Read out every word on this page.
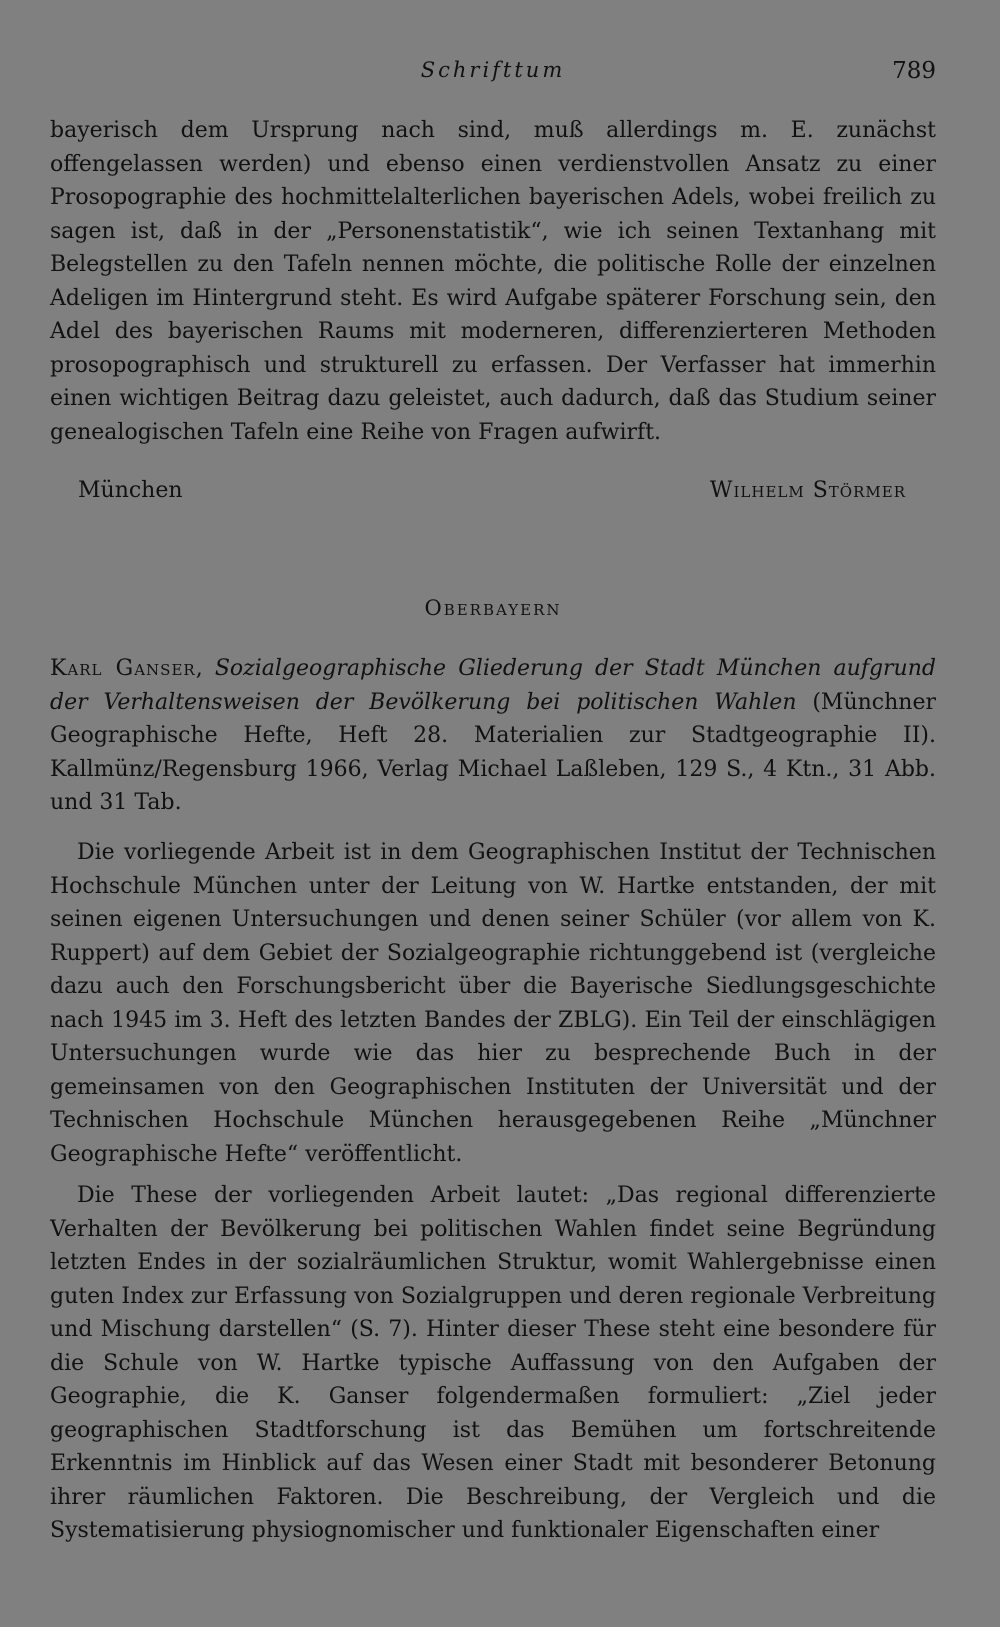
Schrifttum	789

bayerisch dem Ursprung nach sind, muß allerdings m. E. zunächst offengelassen werden) und ebenso einen verdienstvollen Ansatz zu einer Prosopographie des hochmittelalterlichen bayerischen Adels, wobei freilich zu sagen ist, daß in der „Personenstatistik“, wie ich seinen Textanhang mit Belegstellen zu den Tafeln nennen möchte, die politische Rolle der einzelnen Adeligen im Hintergrund steht. Es wird Aufgabe späterer Forschung sein, den Adel des bayerischen Raums mit moderneren, differenzierteren Methoden prosopographisch und strukturell zu erfassen. Der Verfasser hat immerhin einen wichtigen Beitrag dazu geleistet, auch dadurch, daß das Studium seiner genealogischen Tafeln eine Reihe von Fragen aufwirft.

München	Wilhelm Störmer
Oberbayern

Karl Ganser, Sozialgeographische Gliederung der Stadt München aufgrund der Verhaltensweisen der Bevölkerung bei politischen Wahlen (Münchner Geographische Hefte, Heft 28. Materialien zur Stadtgeographie II). Kallmünz/Regensburg 1966, Verlag Michael Laßleben, 129 S., 4 Ktn., 31 Abb. und 31 Tab.

Die vorliegende Arbeit ist in dem Geographischen Institut der Technischen Hochschule München unter der Leitung von W. Hartke entstanden, der mit seinen eigenen Untersuchungen und denen seiner Schüler (vor allem von K. Ruppert) auf dem Gebiet der Sozialgeographie richtunggebend ist (vergleiche dazu auch den Forschungsbericht über die Bayerische Siedlungsgeschichte nach 1945 im 3. Heft des letzten Bandes der ZBLG). Ein Teil der einschlägigen Untersuchungen wurde wie das hier zu besprechende Buch in der gemeinsamen von den Geographischen Instituten der Universität und der Technischen Hochschule München herausgegebenen Reihe „Münchner Geographische Hefte“ veröffentlicht.

Die These der vorliegenden Arbeit lautet: „Das regional differenzierte Verhalten der Bevölkerung bei politischen Wahlen findet seine Begründung letzten Endes in der sozialräumlichen Struktur, womit Wahlergebnisse einen guten Index zur Erfassung von Sozialgruppen und deren regionale Verbreitung und Mischung darstellen“ (S. 7). Hinter dieser These steht eine besondere für die Schule von W. Hartke typische Auffassung von den Aufgaben der Geographie, die K. Ganser folgendermaßen formuliert: „Ziel jeder geographischen Stadtforschung ist das Bemühen um fortschreitende Erkenntnis im Hinblick auf das Wesen einer Stadt mit besonderer Betonung ihrer räumlichen Faktoren. Die Beschreibung, der Vergleich und die Systematisierung physiognomischer und funktionaler Eigenschaften einer
